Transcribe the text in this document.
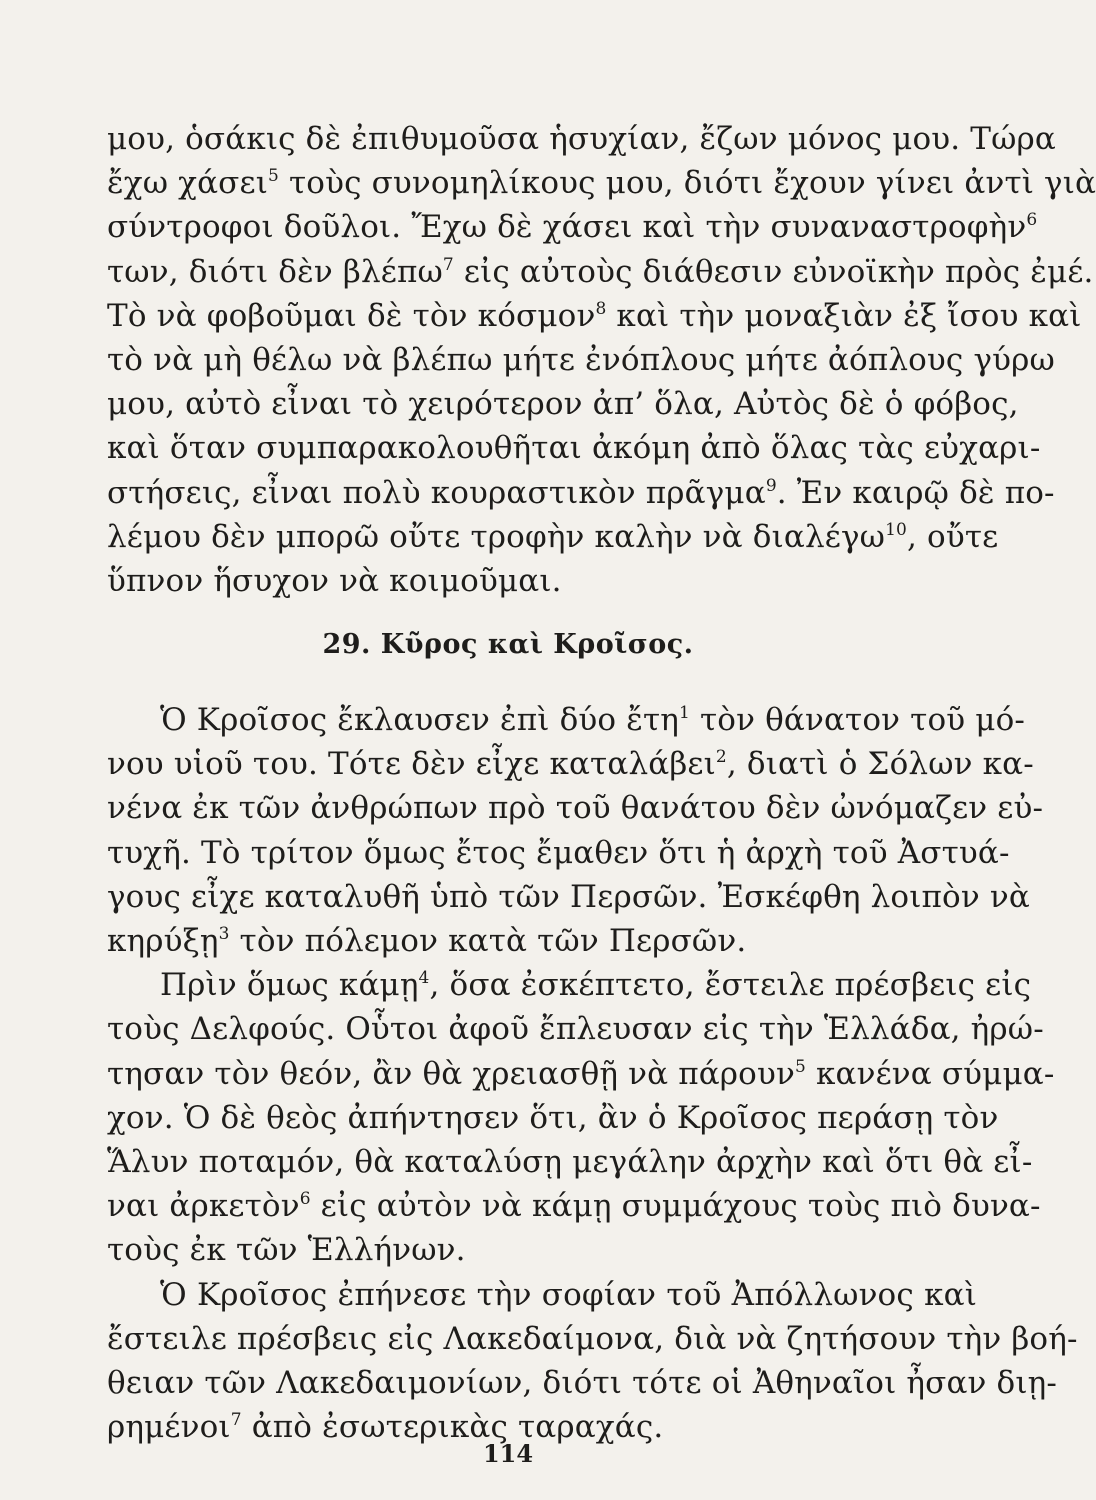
μου, ὁσάκις δὲ ἐπιθυμοῦσα ἡσυχίαν, ἔζων μόνος μου. Τώρα
ἔχω χάσει$^5$ τοὺς συνομηλίκους μου, διότι ἔχουν γίνει ἀντὶ γιὰ
σύντροφοι δοῦλοι. Ἔχω δὲ χάσει καὶ τὴν συναναστροφὴν$^6$
των, διότι δὲν βλέπω$^7$ εἰς αὐτοὺς διάθεσιν εὐνοϊκὴν πρὸς ἐμέ.
Τὸ νὰ φοβοῦμαι δὲ τὸν κόσμον$^8$ καὶ τὴν μοναξιὰν ἐξ ἴσου καὶ
τὸ νὰ μὴ θέλω νὰ βλέπω μήτε ἐνόπλους μήτε ἀόπλους γύρω
μου, αὐτὸ εἶναι τὸ χειρότερον ἀπ’ ὅλα, Αὐτὸς δὲ ὁ φόβος,
καὶ ὅταν συμπαρακολουθῆται ἀκόμη ἀπὸ ὅλας τὰς εὐχαρι-
στήσεις, εἶναι πολὺ κουραστικὸν πρᾶγμα$^9$. Ἐν καιρῷ δὲ πο-
λέμου δὲν μπορῶ οὔτε τροφὴν καλὴν νὰ διαλέγω$^{10}$, οὔτε
ὕπνον ἥσυχον νὰ κοιμοῦμαι.
29. Κῦρος καὶ Κροῖσος.
Ὁ Κροῖσος ἔκλαυσεν ἐπὶ δύο ἔτη$^1$ τὸν θάνατον τοῦ μό-
νου υἱοῦ του. Τότε δὲν εἶχε καταλάβει$^2$, διατὶ ὁ Σόλων κα-
νένα ἐκ τῶν ἀνθρώπων πρὸ τοῦ θανάτου δὲν ὠνόμαζεν εὐ-
τυχῆ. Τὸ τρίτον ὅμως ἔτος ἔμαθεν ὅτι ἡ ἀρχὴ τοῦ Ἀστυά-
γους εἶχε καταλυθῆ ὑπὸ τῶν Περσῶν. Ἐσκέφθη λοιπὸν νὰ
κηρύξῃ$^3$ τὸν πόλεμον κατὰ τῶν Περσῶν.
Πρὶν ὅμως κάμῃ$^4$, ὅσα ἐσκέπτετο, ἔστειλε πρέσβεις εἰς
τοὺς Δελφούς. Οὗτοι ἀφοῦ ἔπλευσαν εἰς τὴν Ἑλλάδα, ἠρώ-
τησαν τὸν θεόν, ἂν θὰ χρειασθῇ νὰ πάρουν$^5$ κανένα σύμμα-
χον. Ὁ δὲ θεὸς ἀπήντησεν ὅτι, ἂν ὁ Κροῖσος περάσῃ τὸν
Ἅλυν ποταμόν, θὰ καταλύσῃ μεγάλην ἀρχὴν καὶ ὅτι θὰ εἶ-
ναι ἀρκετὸν$^6$ εἰς αὐτὸν νὰ κάμῃ συμμάχους τοὺς πιὸ δυνα-
τοὺς ἐκ τῶν Ἑλλήνων.
Ὁ Κροῖσος ἐπήνεσε τὴν σοφίαν τοῦ Ἀπόλλωνος καὶ
ἔστειλε πρέσβεις εἰς Λακεδαίμονα, διὰ νὰ ζητήσουν τὴν βοή-
θειαν τῶν Λακεδαιμονίων, διότι τότε οἱ Ἀθηναῖοι ἦσαν διῃ-
ρημένοι$^7$ ἀπὸ ἐσωτερικὰς ταραχάς.
114
